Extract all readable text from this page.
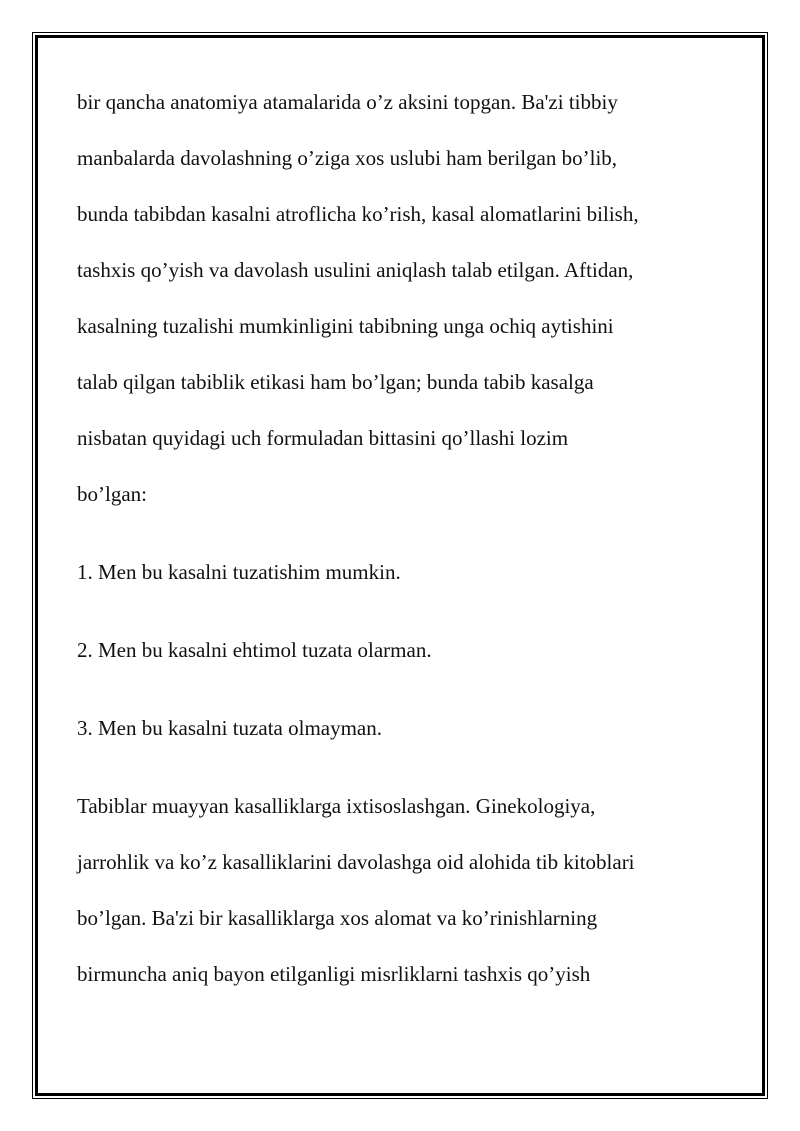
bir qancha anatomiya atamalarida o’z aksini topgan. Ba'zi tibbiy
manbalarda davolashning o’ziga xos uslubi ham berilgan bo’lib,
bunda tabibdan kasalni atroflicha ko’rish, kasal alomatlarini bilish,
tashxis qo’yish va davolash usulini aniqlash talab etilgan. Aftidan,
kasalning tuzalishi mumkinligini tabibning unga ochiq aytishini
talab qilgan tabiblik etikasi ham bo’lgan; bunda tabib kasalga
nisbatan quyidagi uch formuladan bittasini qo’llashi lozim
bo’lgan:

1. Men bu kasalni tuzatishim mumkin.

2. Men bu kasalni ehtimol tuzata olarman.

3. Men bu kasalni tuzata olmayman.

Tabiblar muayyan kasalliklarga ixtisoslashgan. Ginekologiya,
jarrohlik va ko’z kasalliklarini davolashga oid alohida tib kitoblari
bo’lgan. Ba'zi bir kasalliklarga xos alomat va ko’rinishlarning
birmuncha aniq bayon etilganligi misrliklarni tashxis qo’yish
